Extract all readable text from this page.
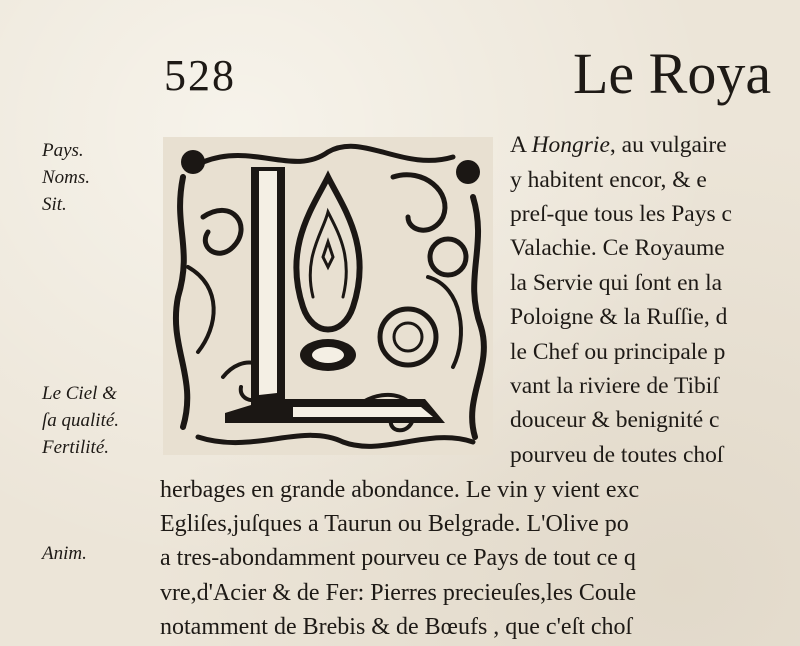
528	Le Roya
Pays.
Noms.
Sit.
Le Ciel &
ſa qualité.
Fertilité.
Anim.
A Hongrie, au vulgaire
y habitent encor, & e
preſ-que tous les Pays c
Valachie. Ce Royaume
la Servie qui ſont en la
Poloigne & la Ruſſie, d
le Chef ou principale p
vant la riviere de Tibiſ
douceur & benignité c
pourveu de toutes choſ
herbages en grande abondance. Le vin y vient exc
Egliſes,juſques a Taurun ou Belgrade. L'Olive po
a tres-abondamment pourveu ce Pays de tout ce q
vre,d'Acier & de Fer: Pierres precieuſes,les Coule
notamment de Brebis & de Bœufs , que c'eſt choſ
